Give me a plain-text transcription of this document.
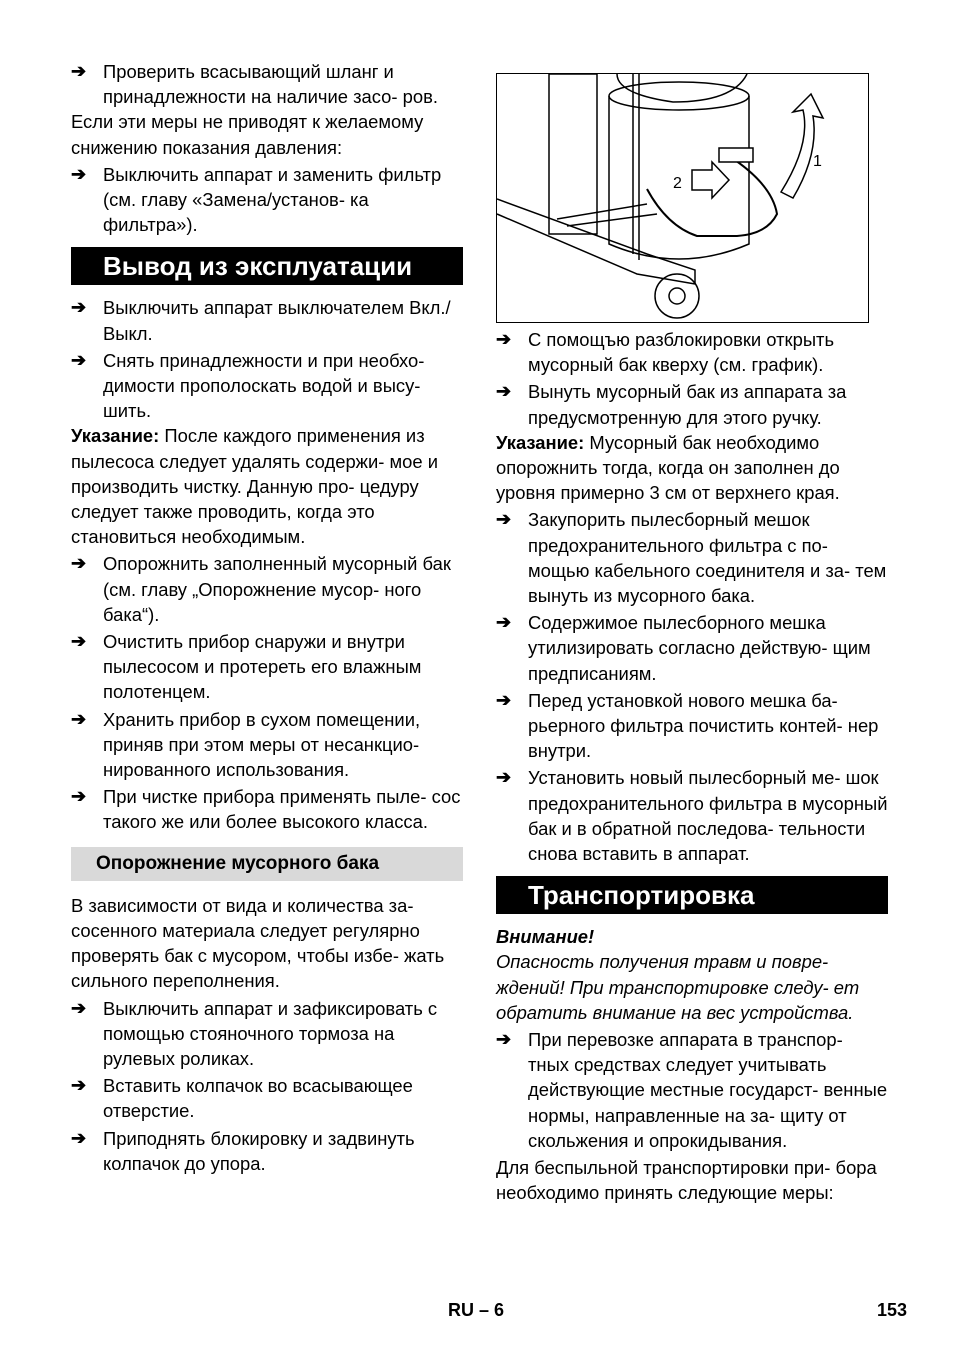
➔ Проверить всасывающий шланг и принадлежности на наличие засо- ров.

Если эти меры не приводят к желаемому снижению показания давления:

➔ Выключить аппарат и заменить фильтр (см. главу «Замена/установ- ка фильтра»).
Вывод из эксплуатации
➔ Выключить аппарат выключателем Вкл./Выкл.
➔ Снять принадлежности и при необхо- димости прополоскать водой и высу- шить.

Указание: После каждого применения из пылесоса следует удалять содержи- мое и производить чистку. Данную про- цедуру следует также проводить, когда это становиться необходимым.

➔ Опорожнить заполненный мусорный бак (см. главу „Опорожнение мусор- ного бака“).
➔ Очистить прибор снаружи и внутри пылесосом и протереть его влажным полотенцем.
➔ Хранить прибор в сухом помещении, приняв при этом меры от несанкцио- нированного использования.
➔ При чистке прибора применять пыле- сос такого же или более высокого класса.
Опорожнение мусорного бака

В зависимости от вида и количества за- сосенного материала следует регулярно проверять бак с мусором, чтобы избе- жать сильного переполнения.

➔ Выключить аппарат и зафиксировать с помощью стояночного тормоза на рулевых роликах.
➔ Вставить колпачок во всасывающее отверстие.
➔ Приподнять блокировку и задвинуть колпачок до упора.
1
2
➔ С помощъю разблокировки открыть мусорный бак кверху (см. график).
➔ Вынуть мусорный бак из аппарата за предусмотренную для этого ручку.

Указание: Мусорный бак необходимо опорожнить тогда, когда он заполнен до уровня примерно 3 см от верхнего края.

➔ Закупорить пылесборный мешок предохранительного фильтра с по- мощью кабельного соединителя и за- тем вынуть из мусорного бака.
➔ Содержимое пылесборного мешка утилизировать согласно действую- щим предписаниям.
➔ Перед установкой нового мешка ба- рьерного фильтра почистить контей- нер внутри.
➔ Установить новый пылесборный ме- шок предохранительного фильтра в мусорный бак и в обратной последова- тельности снова вставить в аппарат.
Транспортировка

Внимание!

Опасность получения травм и повре- ждений! При транспортировке следу- ет обратить внимание на вес устройства.

➔ При перевозке аппарата в транспор- тных средствах следует учитывать действующие местные государст- венные нормы, направленные на за- щиту от скольжения и опрокидывания.

Для беспыльной транспортировки при- бора необходимо принять следующие меры:

RU – 6	153
